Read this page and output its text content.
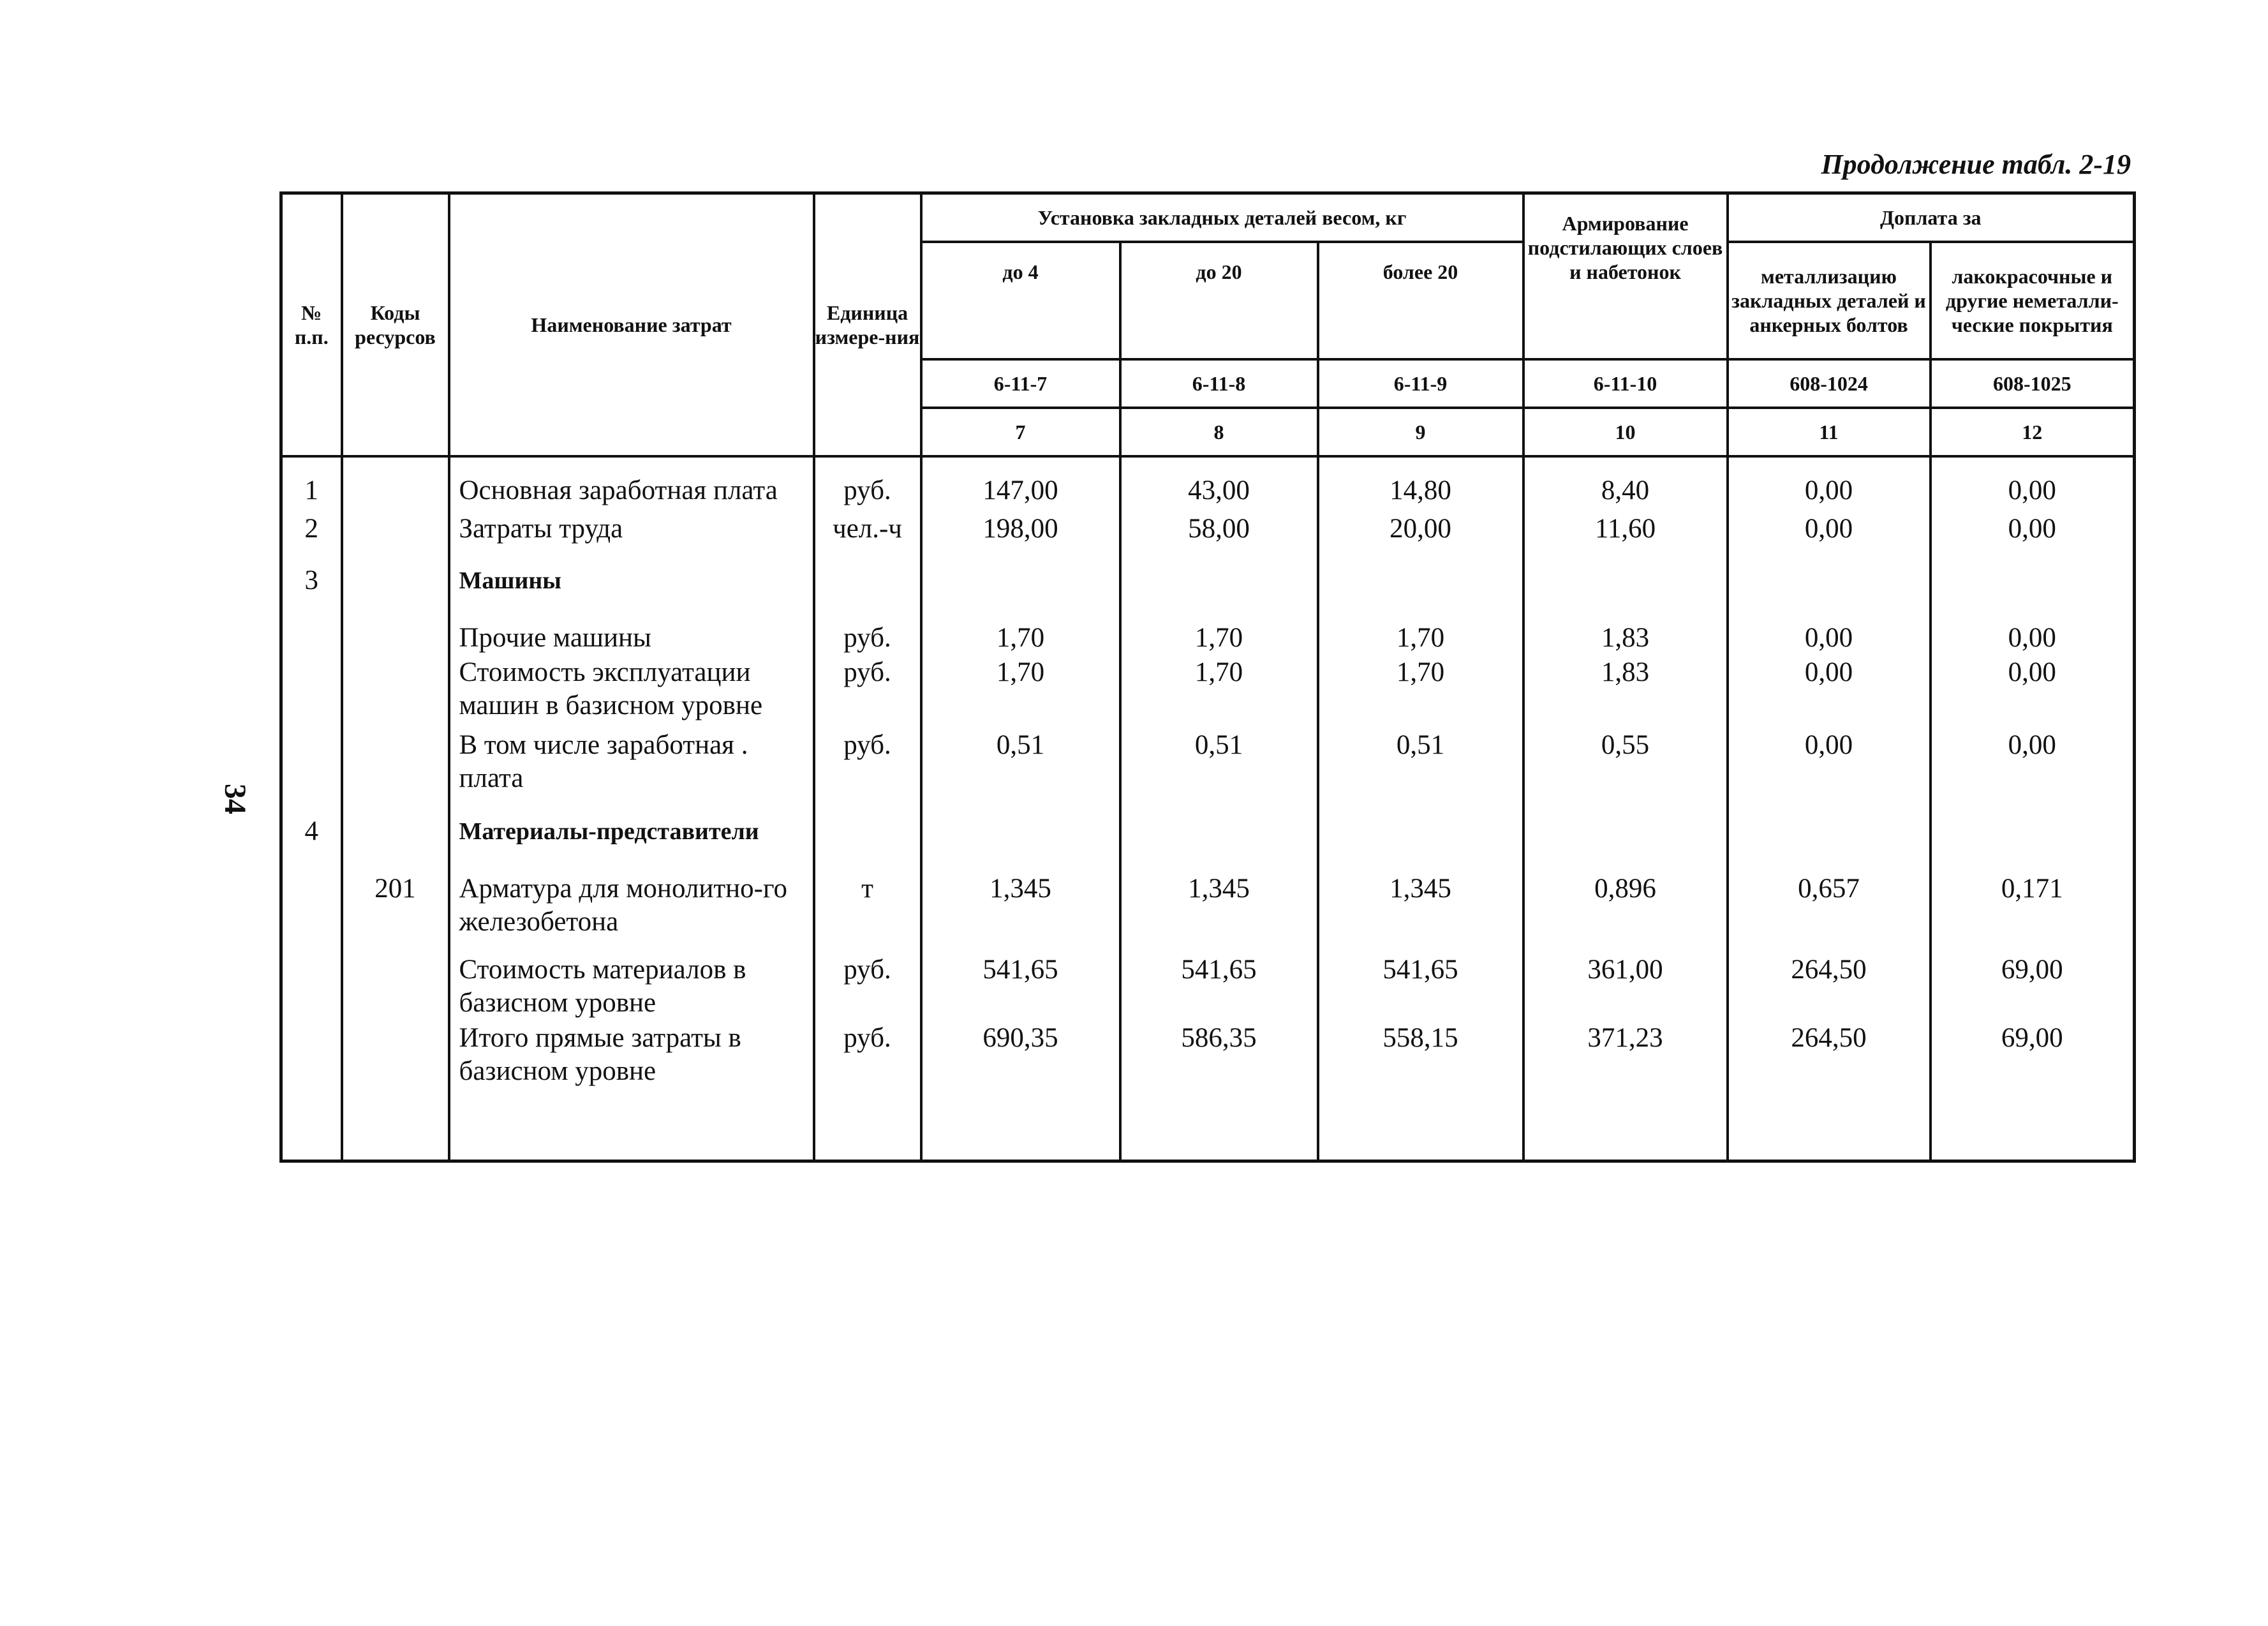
Продолжение табл. 2-19
34
№ п.п.	Коды ресурсов	Наименование затрат	Единица измере-ния	Установка закладных деталей весом, кг			Армирование подстилающих слоев и набетонок	Доплата за	
				до 4	до 20	более 20		металлизацию закладных деталей и анкерных болтов	лакокрасочные и другие неметалли-ческие покрытия
				6-11-7	6-11-8	6-11-9	6-11-10	608-1024	608-1025
				7	8	9	10	11	12
1		Основная заработная плата	руб.	147,00	43,00	14,80	8,40	0,00	0,00
2		Затраты труда	чел.-ч	198,00	58,00	20,00	11,60	0,00	0,00
3		Машины							
		Прочие машины	руб.	1,70	1,70	1,70	1,83	0,00	0,00
		Стоимость эксплуатации машин в базисном уровне	руб.	1,70	1,70	1,70	1,83	0,00	0,00
		В том числе заработная . плата	руб.	0,51	0,51	0,51	0,55	0,00	0,00
4		Материалы-представители							
	201	Арматура для монолитно-го железобетона	т	1,345	1,345	1,345	0,896	0,657	0,171
		Стоимость материалов в базисном уровне	руб.	541,65	541,65	541,65	361,00	264,50	69,00
		Итого прямые затраты в базисном уровне	руб.	690,35	586,35	558,15	371,23	264,50	69,00
